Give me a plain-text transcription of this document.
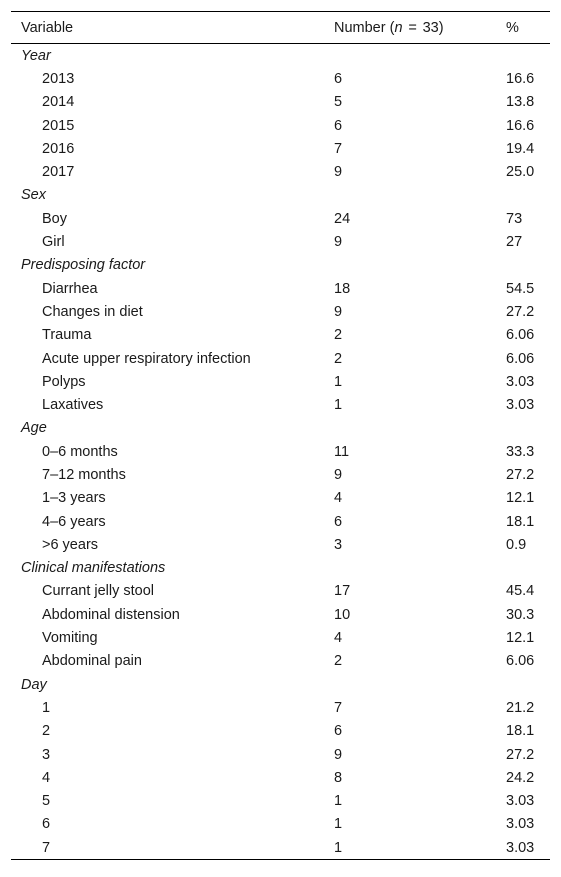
Variable	Number (n  =  33)	%
Year		
2013	6	16.6
2014	5	13.8
2015	6	16.6
2016	7	19.4
2017	9	25.0
Sex		
Boy	24	73
Girl	9	27
Predisposing factor		
Diarrhea	18	54.5
Changes in diet	9	27.2
Trauma	2	6.06
Acute upper respiratory infection	2	6.06
Polyps	1	3.03
Laxatives	1	3.03
Age		
0–6 months	11	33.3
7–12 months	9	27.2
1–3 years	4	12.1
4–6 years	6	18.1
>6 years	3	0.9
Clinical manifestations		
Currant jelly stool	17	45.4
Abdominal distension	10	30.3
Vomiting	4	12.1
Abdominal pain	2	6.06
Day		
1	7	21.2
2	6	18.1
3	9	27.2
4	8	24.2
5	1	3.03
6	1	3.03
7	1	3.03
